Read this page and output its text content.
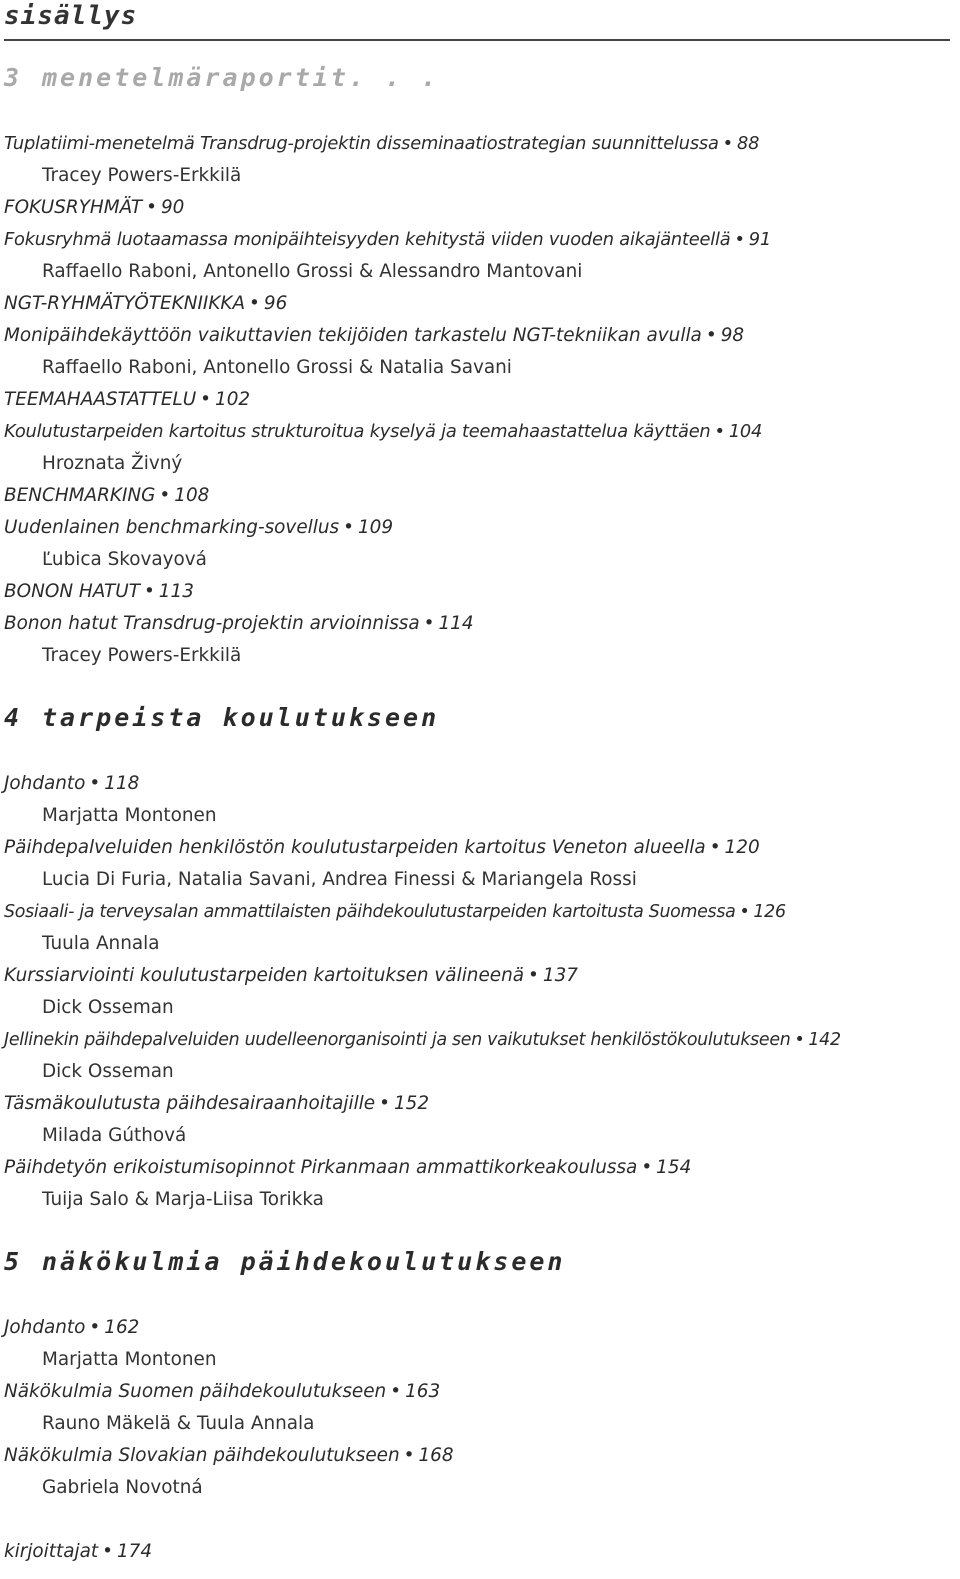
sisällys
3 menetelmäraportit. . .
Tuplatiimi-menetelmä Transdrug-projektin disseminaatiostrategian suunnittelussa • 88
Tracey Powers-Erkkilä
FOKUSRYHMÄT • 90
Fokusryhmä luotaamassa monipäihteisyyden kehitystä viiden vuoden aikajänteellä • 91
Raffaello Raboni, Antonello Grossi & Alessandro Mantovani
NGT-RYHMÄTYÖTEKNIIKKA • 96
Monipäihdekäyttöön vaikuttavien tekijöiden tarkastelu NGT-tekniikan avulla • 98
Raffaello Raboni, Antonello Grossi & Natalia Savani
TEEMAHAASTATTELU • 102
Koulutustarpeiden kartoitus strukturoitua kyselyä ja teemahaastattelua käyttäen • 104
Hroznata Živný
BENCHMARKING • 108
Uudenlainen benchmarking-sovellus • 109
Ľubica Skovayová
BONON HATUT • 113
Bonon hatut Transdrug-projektin arvioinnissa • 114
Tracey Powers-Erkkilä
4 tarpeista koulutukseen
Johdanto • 118
Marjatta Montonen
Päihdepalveluiden henkilöstön koulutustarpeiden kartoitus Veneton alueella • 120
Lucia Di Furia, Natalia Savani, Andrea Finessi & Mariangela Rossi
Sosiaali- ja terveysalan ammattilaisten päihdekoulutustarpeiden kartoitusta Suomessa • 126
Tuula Annala
Kurssiarviointi koulutustarpeiden kartoituksen välineenä • 137
Dick Osseman
Jellinekin päihdepalveluiden uudelleenorganisointi ja sen vaikutukset henkilöstökoulutukseen • 142
Dick Osseman
Täsmäkoulutusta päihdesairaanhoitajille • 152
Milada Gúthová
Päihdetyön erikoistumisopinnot Pirkanmaan ammattikorkeakoulussa • 154
Tuija Salo & Marja-Liisa Torikka
5 näkökulmia päihdekoulutukseen
Johdanto • 162
Marjatta Montonen
Näkökulmia Suomen päihdekoulutukseen • 163
Rauno Mäkelä & Tuula Annala
Näkökulmia Slovakian päihdekoulutukseen • 168
Gabriela Novotná
kirjoittajat • 174
